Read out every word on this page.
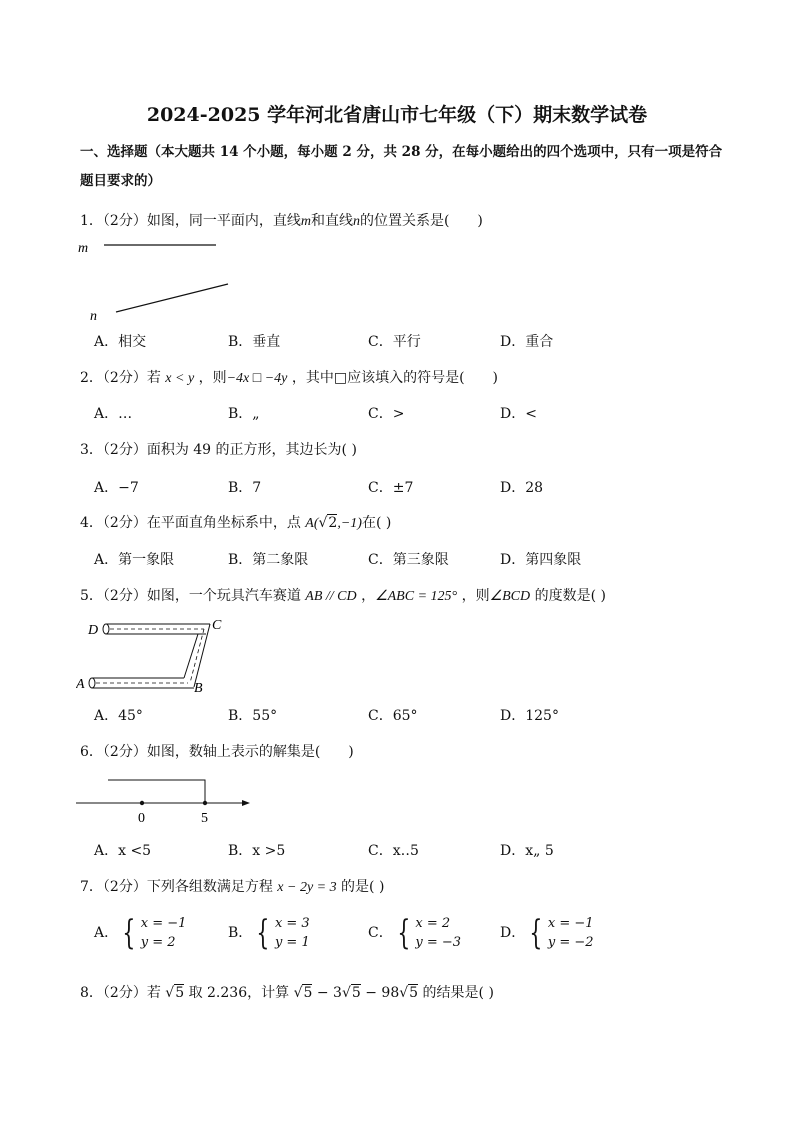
2024-2025 学年河北省唐山市七年级（下）期末数学试卷
一、选择题（本大题共 14 个小题，每小题 2 分，共 28 分，在每小题给出的四个选项中，只有一项是符合
题目要求的）
1．（2分）如图，同一平面内，直线m和直线n的位置关系是(　　)
m
n
A．相交	B．垂直	C．平行	D．重合
2．（2分）若 x < y ，则−4x □ −4y ，其中□应该填入的符号是(　　)
A．…	B．„	C．>	D．<
3．（2分）面积为 49 的正方形，其边长为( )
A．−7	B．7	C．±7	D．28
4．（2分）在平面直角坐标系中，点 A(√2,−1)在( )
A．第一象限	B．第二象限	C．第三象限	D．第四象限
5．（2分）如图，一个玩具汽车赛道 AB // CD ，∠ABC = 125° ，则∠BCD 的度数是( )
D	C
A	B
A．45°	B．55°	C．65°	D．125°
6．（2分）如图，数轴上表示的解集是(　　)
0	5
A．x <5	B．x >5	C．x‥5	D．x„ 5
7．（2分）下列各组数满足方程 x − 2y = 3 的是( )
A． { x = −1
y = 2
B． { x = 3
y = 1
C． { x = 2
y = −3
D． { x = −1
y = −2
8．（2分）若 √5 取 2.236，计算 √5 − 3√5 − 98√5 的结果是( )
